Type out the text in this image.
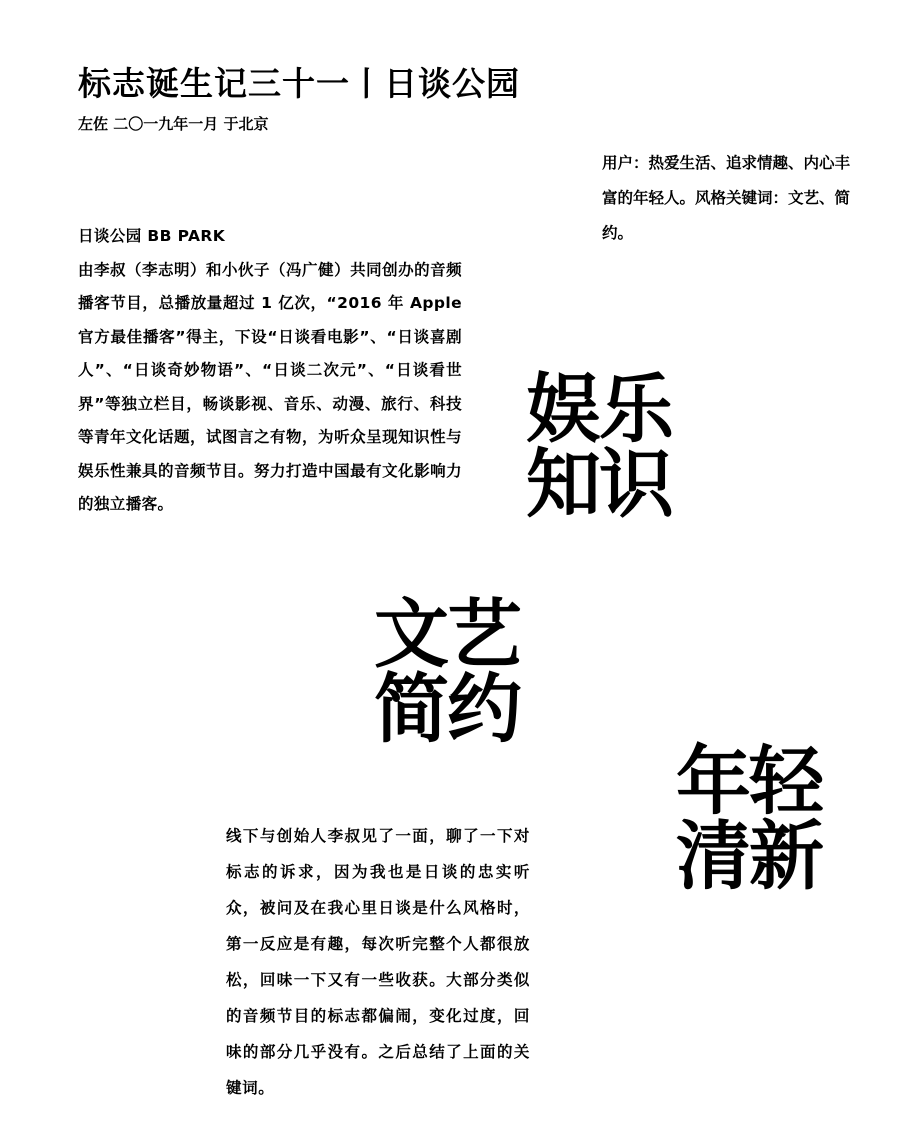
标志诞生记三十一丨日谈公园
左佐 二〇一九年一月 于北京
用户：热爱生活、追求情趣、内心丰富的年轻人。风格关键词：文艺、简约。
日谈公园 BB PARK
由李叔（李志明）和小伙子（冯广健）共同创办的音频播客节目，总播放量超过 1 亿次，“2016 年 Apple 官方最佳播客”得主，下设“日谈看电影”、“日谈喜剧人”、“日谈奇妙物语”、“日谈二次元”、“日谈看世界”等独立栏目，畅谈影视、音乐、动漫、旅行、科技等青年文化话题，试图言之有物，为听众呈现知识性与娱乐性兼具的音频节目。努力打造中国最有文化影响力的独立播客。
娱乐
知识
文艺
简约
年轻
清新
线下与创始人李叔见了一面，聊了一下对标志的诉求，因为我也是日谈的忠实听众，被问及在我心里日谈是什么风格时，第一反应是有趣，每次听完整个人都很放松，回味一下又有一些收获。大部分类似的音频节目的标志都偏闹，变化过度，回味的部分几乎没有。之后总结了上面的关键词。
